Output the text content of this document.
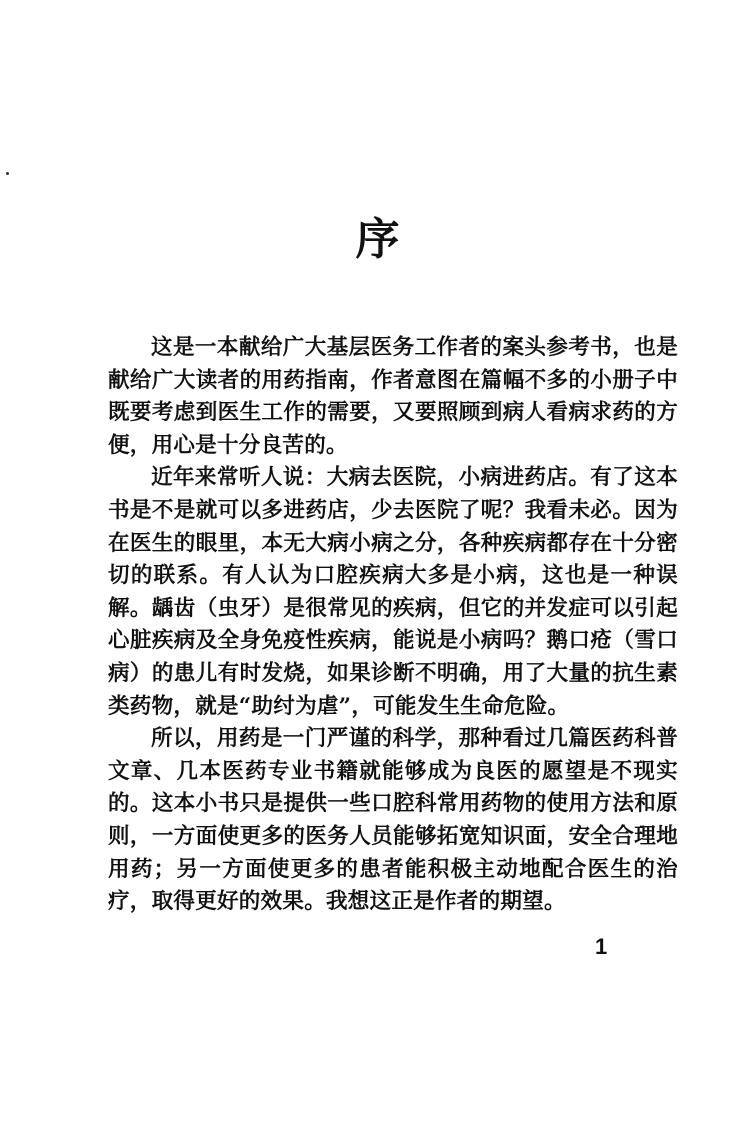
序

这是一本献给广大基层医务工作者的案头参考书，也是献给广大读者的用药指南，作者意图在篇幅不多的小册子中既要考虑到医生工作的需要，又要照顾到病人看病求药的方便，用心是十分良苦的。

近年来常听人说：大病去医院，小病进药店。有了这本书是不是就可以多进药店，少去医院了呢？我看未必。因为在医生的眼里，本无大病小病之分，各种疾病都存在十分密切的联系。有人认为口腔疾病大多是小病，这也是一种误解。龋齿（虫牙）是很常见的疾病，但它的并发症可以引起心脏疾病及全身免疫性疾病，能说是小病吗？鹅口疮（雪口病）的患儿有时发烧，如果诊断不明确，用了大量的抗生素类药物，就是“助纣为虐”，可能发生生命危险。

所以，用药是一门严谨的科学，那种看过几篇医药科普文章、几本医药专业书籍就能够成为良医的愿望是不现实的。这本小书只是提供一些口腔科常用药物的使用方法和原则，一方面使更多的医务人员能够拓宽知识面，安全合理地用药；另一方面使更多的患者能积极主动地配合医生的治疗，取得更好的效果。我想这正是作者的期望。

1
